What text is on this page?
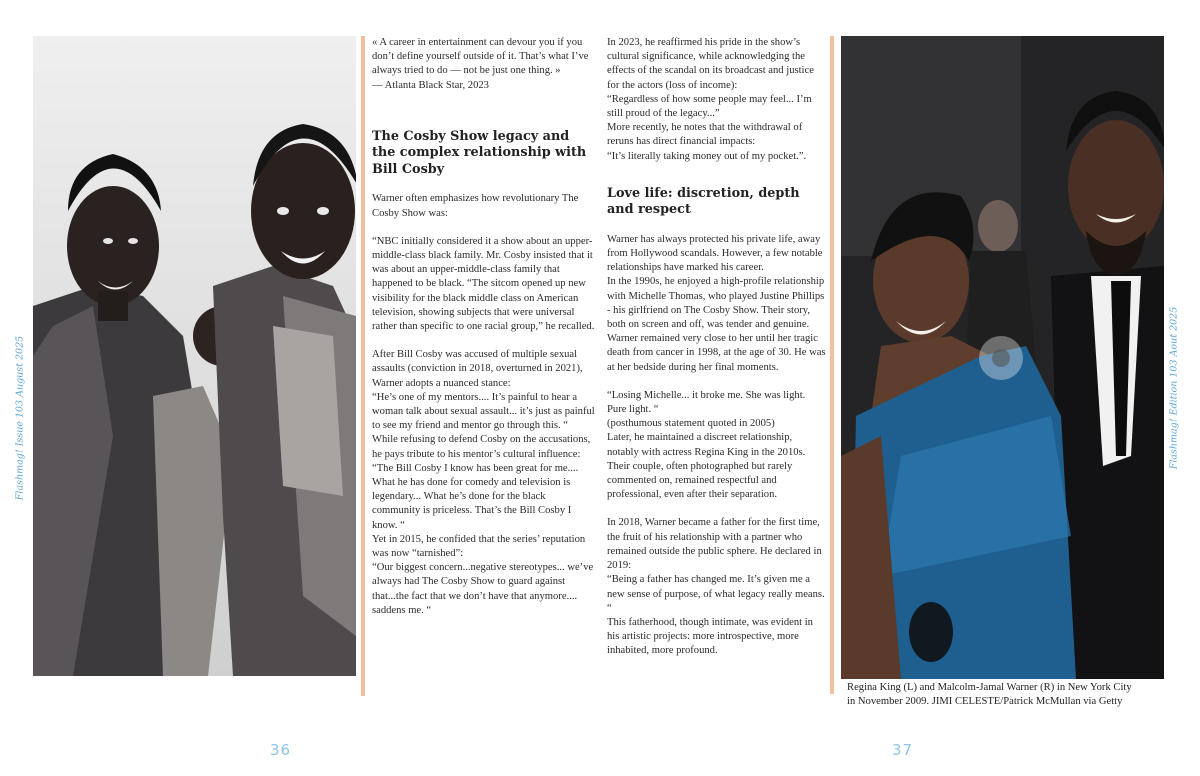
« A career in entertainment can devour you if you don’t define yourself outside of it. That’s what I’ve always tried to do — not be just one thing. »
— Atlanta Black Star, 2023

The Cosby Show legacy and the complex relationship with Bill Cosby

Warner often emphasizes how revolutionary The Cosby Show was:

“NBC initially considered it a show about an upper-middle-class black family. Mr. Cosby insisted that it was about an upper-middle-class family that happened to be black. “The sitcom opened up new visibility for the black middle class on American television, showing subjects that were universal rather than specific to one racial group,” he recalled.

After Bill Cosby was accused of multiple sexual assaults (conviction in 2018, overturned in 2021), Warner adopts a nuanced stance:
“He’s one of my mentors.... It’s painful to hear a woman talk about sexual assault... it’s just as painful to see my friend and mentor go through this. “
While refusing to defend Cosby on the accusations, he pays tribute to his mentor’s cultural influence:
“The Bill Cosby I know has been great for me.... What he has done for comedy and television is legendary... What he’s done for the black community is priceless. That’s the Bill Cosby I know. “
Yet in 2015, he confided that the series’ reputation was now “tarnished”:
“Our biggest concern...negative stereotypes... we’ve always had The Cosby Show to guard against that...the fact that we don’t have that anymore.... saddens me. “

In 2023, he reaffirmed his pride in the show’s cultural significance, while acknowledging the effects of the scandal on its broadcast and justice for the actors (loss of income):
“Regardless of how some people may feel... I’m still proud of the legacy...”
More recently, he notes that the withdrawal of reruns has direct financial impacts:
“It’s literally taking money out of my pocket.”.

Love life: discretion, depth and respect

Warner has always protected his private life, away from Hollywood scandals. However, a few notable relationships have marked his career.
In the 1990s, he enjoyed a high-profile relationship with Michelle Thomas, who played Justine Phillips - his girlfriend on The Cosby Show. Their story, both on screen and off, was tender and genuine. Warner remained very close to her until her tragic death from cancer in 1998, at the age of 30. He was at her bedside during her final moments.

“Losing Michelle... it broke me. She was light. Pure light. “
(posthumous statement quoted in 2005)
Later, he maintained a discreet relationship, notably with actress Regina King in the 2010s. Their couple, often photographed but rarely commented on, remained respectful and professional, even after their separation.

In 2018, Warner became a father for the first time, the fruit of his relationship with a partner who remained outside the public sphere. He declared in 2019:
“Being a father has changed me. It’s given me a new sense of purpose, of what legacy really means. “
This fatherhood, though intimate, was evident in his artistic projects: more introspective, more inhabited, more profound.

Regina King (L) and Malcolm-Jamal Warner (R) in New York City
in November 2009. JIMI CELESTE/Patrick McMullan via Getty
Flashmag! Issue 103 August 2025	Flashmag! Edition 103 Aout 2025
36	37
